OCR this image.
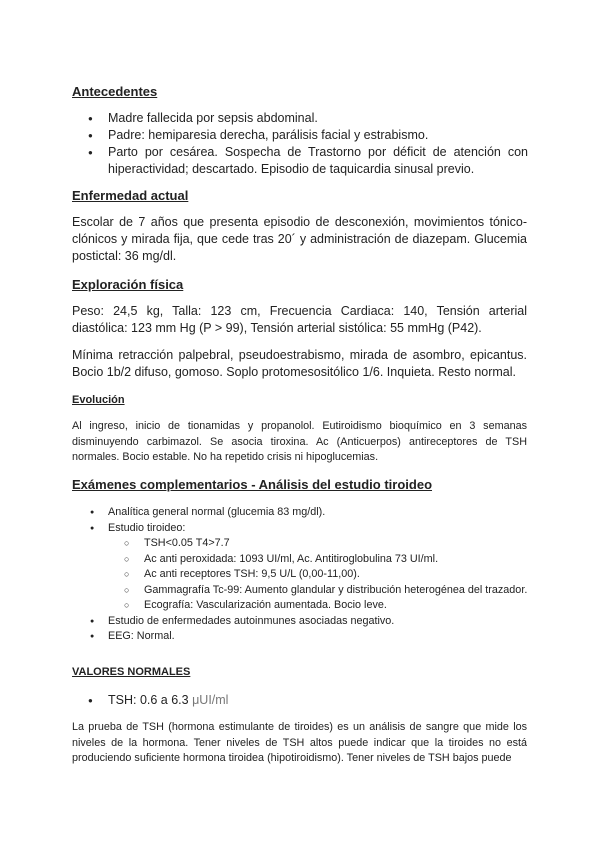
Antecedentes
● Madre fallecida por sepsis abdominal.
● Padre: hemiparesia derecha, parálisis facial y estrabismo.
● Parto por cesárea. Sospecha de Trastorno por déficit de atención con hiperactividad; descartado. Episodio de taquicardia sinusal previo.
Enfermedad actual

Escolar de 7 años que presenta episodio de desconexión, movimientos tónico-clónicos y mirada fija, que cede tras 20´ y administración de diazepam. Glucemia postictal: 36 mg/dl.

Exploración física

Peso: 24,5 kg, Talla: 123 cm, Frecuencia Cardiaca: 140, Tensión arterial diastólica: 123 mm Hg (P > 99), Tensión arterial sistólica: 55 mmHg (P42).

Mínima retracción palpebral, pseudoestrabismo, mirada de asombro, epicantus. Bocio 1b/2 difuso, gomoso. Soplo protomesositólico 1/6. Inquieta. Resto normal.

Evolución

Al ingreso, inicio de tionamidas y propanolol. Eutiroidismo bioquímico en 3 semanas disminuyendo carbimazol. Se asocia tiroxina. Ac (Anticuerpos) antireceptores de TSH normales. Bocio estable. No ha repetido crisis ni hipoglucemias.

Exámenes complementarios - Análisis del estudio tiroideo
● Analítica general normal (glucemia 83 mg/dl).
● Estudio tiroideo:
○ TSH<0.05 T4>7.7
○ Ac anti peroxidada: 1093 UI/ml, Ac. Antitiroglobulina 73 UI/ml.
○ Ac anti receptores TSH: 9,5 U/L (0,00-11,00).
○ Gammagrafía Tc-99: Aumento glandular y distribución heterogénea del trazador.
○ Ecografía: Vascularización aumentada. Bocio leve.
● Estudio de enfermedades autoinmunes asociadas negativo.
● EEG: Normal.
VALORES NORMALES
● TSH: 0.6 a 6.3 μUI/ml

La prueba de TSH (hormona estimulante de tiroides) es un análisis de sangre que mide los niveles de la hormona. Tener niveles de TSH altos puede indicar que la tiroides no está produciendo suficiente hormona tiroidea (hipotiroidismo). Tener niveles de TSH bajos puede
